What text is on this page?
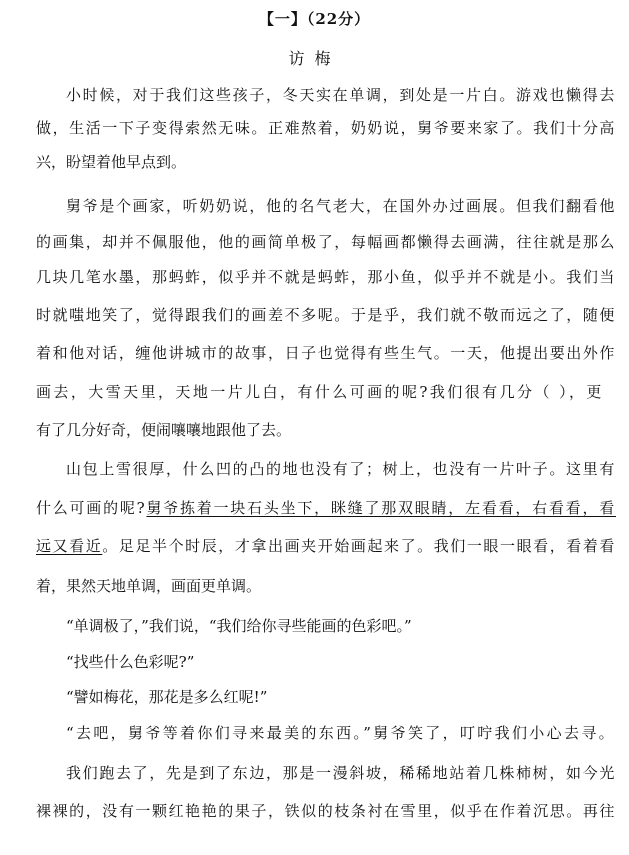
【一】（22分）
访梅
小时候，对于我们这些孩子，冬天实在单调，到处是一片白。游戏也懒得去
做，生活一下子变得索然无味。正难熬着，奶奶说，舅爷要来家了。我们十分高
兴，盼望着他早点到。
舅爷是个画家，听奶奶说，他的名气老大，在国外办过画展。但我们翻看他
的画集，却并不佩服他，他的画简单极了，每幅画都懒得去画满，往往就是那么
几块几笔水墨，那蚂蚱，似乎并不就是蚂蚱，那小鱼，似乎并不就是小。我们当
时就嗤地笑了，觉得跟我们的画差不多呢。于是乎，我们就不敬而远之了，随便
着和他对话，缠他讲城市的故事，日子也觉得有些生气。一天，他提出要出外作
画去，大雪天里，天地一片儿白，有什么可画的呢?我们很有几分（ ），更
有了几分好奇，便闹嚷嚷地跟他了去。
山包上雪很厚，什么凹的凸的地也没有了；树上，也没有一片叶子。这里有
什么可画的呢?舅爷拣着一块石头坐下，眯缝了那双眼睛，左看看，右看看，看
远又看近。足足半个时辰，才拿出画夹开始画起来了。我们一眼一眼看，看着看
着，果然天地单调，画面更单调。
“单调极了，”我们说，“我们给你寻些能画的色彩吧。”
“找些什么色彩呢?”
“譬如梅花，那花是多么红呢!”
“去吧，舅爷等着你们寻来最美的东西。”舅爷笑了，叮咛我们小心去寻。
我们跑去了，先是到了东边，那是一漫斜坡，稀稀地站着几株柿树，如今光
裸裸的，没有一颗红艳艳的果子，铁似的枝条衬在雪里，似乎在作着沉思。再往
